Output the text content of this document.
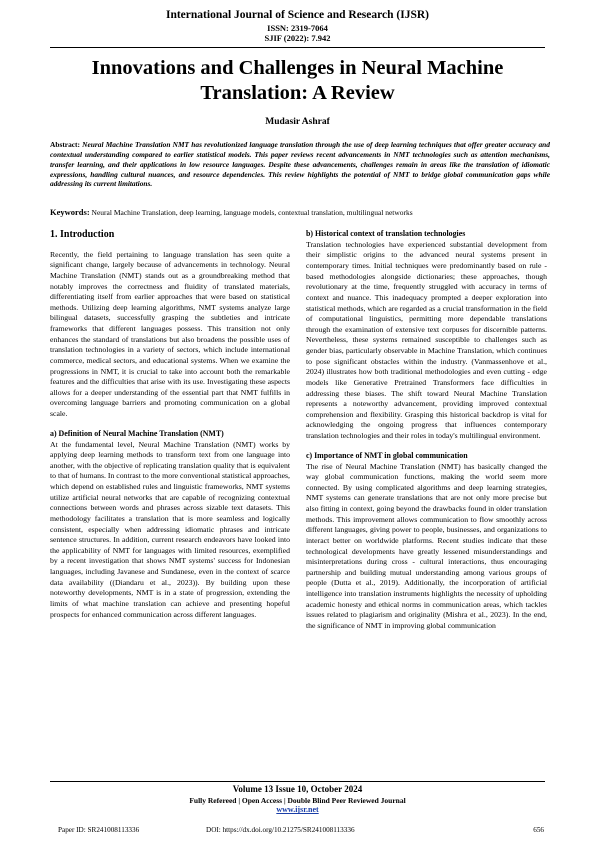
International Journal of Science and Research (IJSR)
ISSN: 2319-7064
SJIF (2022): 7.942
Innovations and Challenges in Neural Machine Translation: A Review
Mudasir Ashraf
Abstract: Neural Machine Translation NMT has revolutionized language translation through the use of deep learning techniques that offer greater accuracy and contextual understanding compared to earlier statistical models. This paper reviews recent advancements in NMT technologies such as attention mechanisms, transfer learning, and their applications in low resource languages. Despite these advancements, challenges remain in areas like the translation of idiomatic expressions, handling cultural nuances, and resource dependencies. This review highlights the potential of NMT to bridge global communication gaps while addressing its current limitations.
Keywords: Neural Machine Translation, deep learning, language models, contextual translation, multilingual networks
1. Introduction

Recently, the field pertaining to language translation has seen quite a significant change, largely because of advancements in technology. Neural Machine Translation (NMT) stands out as a groundbreaking method that notably improves the correctness and fluidity of translated materials, differentiating itself from earlier approaches that were based on statistical methods. Utilizing deep learning algorithms, NMT systems analyze large bilingual datasets, successfully grasping the subtleties and intricate frameworks that different languages possess. This transition not only enhances the standard of translations but also broadens the possible uses of translation technologies in a variety of sectors, which include international commerce, medical sectors, and educational systems. When we examine the progressions in NMT, it is crucial to take into account both the remarkable features and the difficulties that arise with its use. Investigating these aspects allows for a deeper understanding of the essential part that NMT fulfills in overcoming language barriers and promoting communication on a global scale.

a) Definition of Neural Machine Translation (NMT)

At the fundamental level, Neural Machine Translation (NMT) works by applying deep learning methods to transform text from one language into another, with the objective of replicating translation quality that is equivalent to that of humans. In contrast to the more conventional statistical approaches, which depend on established rules and linguistic frameworks, NMT systems utilize artificial neural networks that are capable of recognizing contextual connections between words and phrases across sizable text datasets. This methodology facilitates a translation that is more seamless and logically consistent, especially when addressing idiomatic phrases and intricate sentence structures. In addition, current research endeavors have looked into the applicability of NMT for languages with limited resources, exemplified by a recent investigation that shows NMT systems' success for Indonesian languages, including Javanese and Sundanese, even in the context of scarce data availability ((Diandaru et al., 2023)). By building upon these noteworthy developments, NMT is in a state of progression, extending the limits of what machine translation can achieve and presenting hopeful prospects for enhanced communication across different languages.

b) Historical context of translation technologies

Translation technologies have experienced substantial development from their simplistic origins to the advanced neural systems present in contemporary times. Initial techniques were predominantly based on rule - based methodologies alongside dictionaries; these approaches, though revolutionary at the time, frequently struggled with accuracy in terms of context and nuance. This inadequacy prompted a deeper exploration into statistical methods, which are regarded as a crucial transformation in the field of computational linguistics, permitting more dependable translations through the examination of extensive text corpuses for discernible patterns. Nevertheless, these systems remained susceptible to challenges such as gender bias, particularly observable in Machine Translation, which continues to pose significant obstacles within the industry. (Vanmassenhove et al., 2024) illustrates how both traditional methodologies and even cutting - edge models like Generative Pretrained Transformers face difficulties in addressing these biases. The shift toward Neural Machine Translation represents a noteworthy advancement, providing improved contextual comprehension and flexibility. Grasping this historical backdrop is vital for acknowledging the ongoing progress that influences contemporary translation technologies and their roles in today's multilingual environment.

c) Importance of NMT in global communication

The rise of Neural Machine Translation (NMT) has basically changed the way global communication functions, making the world seem more connected. By using complicated algorithms and deep learning strategies, NMT systems can generate translations that are not only more precise but also fitting in context, going beyond the drawbacks found in older translation methods. This improvement allows communication to flow smoothly across different languages, giving power to people, businesses, and organizations to interact better on worldwide platforms. Recent studies indicate that these technological developments have greatly lessened misunderstandings and misinterpretations during cross - cultural interactions, thus encouraging partnership and building mutual understanding among various groups of people (Dutta et al., 2019). Additionally, the incorporation of artificial intelligence into translation instruments highlights the necessity of upholding academic honesty and ethical norms in communication areas, which tackles issues related to plagiarism and originality (Mishra et al., 2023). In the end, the significance of NMT in improving global communication

Volume 13 Issue 10, October 2024
Fully Refereed | Open Access | Double Blind Peer Reviewed Journal
www.ijsr.net
Paper ID: SR241008113336	DOI: https://dx.doi.org/10.21275/SR241008113336	656
